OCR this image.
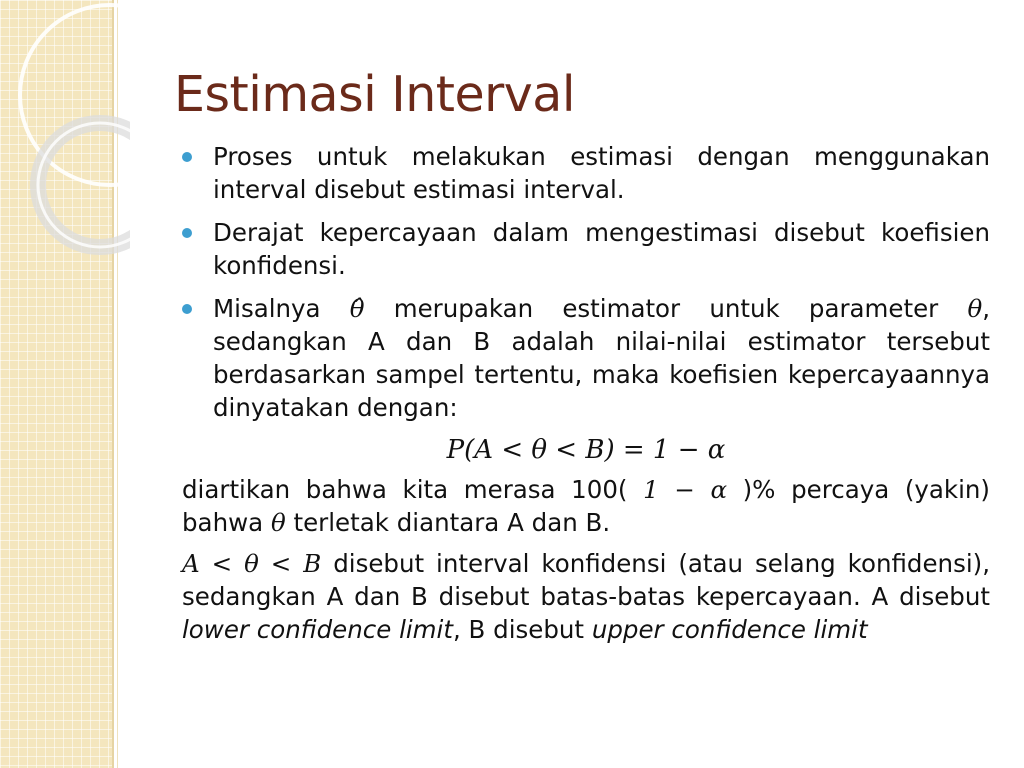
Estimasi Interval
Proses untuk melakukan estimasi dengan menggunakan interval disebut estimasi interval.
Derajat kepercayaan dalam mengestimasi disebut koefisien konfidensi.
Misalnya θ̂ merupakan estimator untuk parameter θ, sedangkan A dan B adalah nilai-nilai estimator tersebut berdasarkan sampel tertentu, maka koefisien kepercayaannya dinyatakan dengan:
P(A < θ < B) = 1 − α
diartikan bahwa kita merasa 100( 1 − α )% percaya (yakin) bahwa θ terletak diantara A dan B.
A < θ < B disebut interval konfidensi (atau selang konfidensi), sedangkan A dan B disebut batas-batas kepercayaan. A disebut lower confidence limit, B disebut upper confidence limit
